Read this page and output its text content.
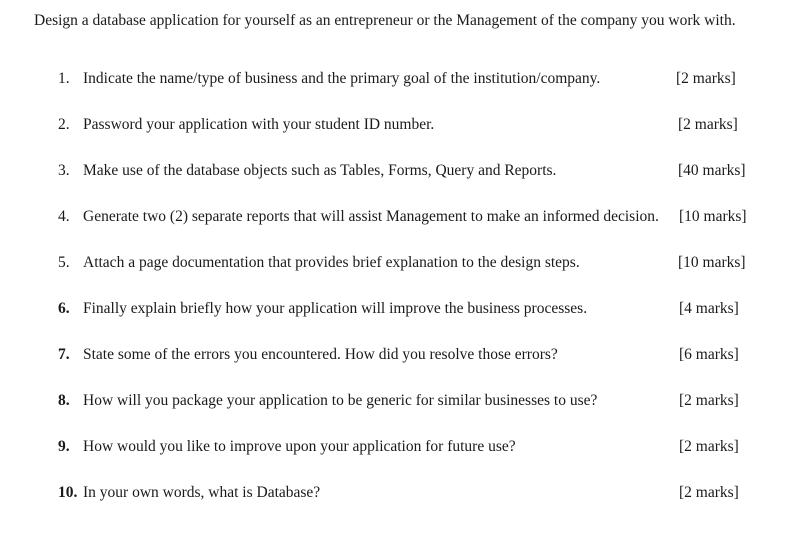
Design a database application for yourself as an entrepreneur or the Management of the company you work with.
1. Indicate the name/type of business and the primary goal of the institution/company.	[2 marks]
2. Password your application with your student ID number.	[2 marks]
3. Make use of the database objects such as Tables, Forms, Query and Reports.	[40 marks]
4. Generate two (2) separate reports that will assist Management to make an informed decision. [10 marks]
5. Attach a page documentation that provides brief explanation to the design steps.	[10 marks]
6. Finally explain briefly how your application will improve the business processes.	[4 marks]
7. State some of the errors you encountered. How did you resolve those errors?	[6 marks]
8. How will you package your application to be generic for similar businesses to use?	[2 marks]
9. How would you like to improve upon your application for future use?	[2 marks]
10. In your own words, what is Database?	[2 marks]
